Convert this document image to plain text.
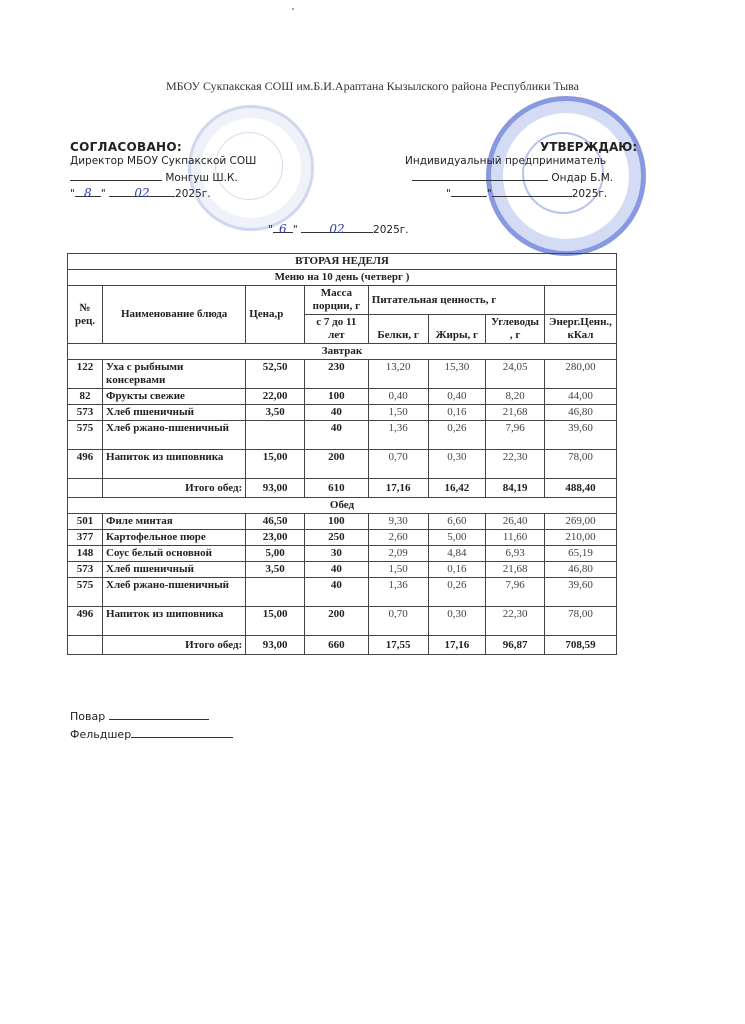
МБОУ Сукпакская СОШ им.Б.И.Араптана Кызылского района Республики Тыва
СОГЛАСОВАНО:
Директор МБОУ Сукпакской СОШ
Монгуш Ш.К.
" 8 " 02 2025г.
УТВЕРЖДАЮ:
Индивидуальный предприниматель
Ондар Б.М.
"	"	2025г.
" 6 "	02	2025г.
ВТОРАЯ НЕДЕЛЯ							
Меню на 10 день (четверг )							
№ рец.	Наименование блюда	Цена,р	Масса порции, г	Питательная ценность, г			
			с 7 до 11 лет	Белки, г	Жиры, г	Углеводы , г	Энерг.Ценн., кКал
Завтрак							
122	Уха с рыбными консервами	52,50	230	13,20	15,30	24,05	280,00
82	Фрукты свежие	22,00	100	0,40	0,40	8,20	44,00
573	Хлеб пшеничный	3,50	40	1,50	0,16	21,68	46,80
575	Хлеб ржано-пшеничный		40	1,36	0,26	7,96	39,60
496	Напиток из шиповника	15,00	200	0,70	0,30	22,30	78,00
	Итого обед:	93,00	610	17,16	16,42	84,19	488,40
Обед							
501	Филе минтая	46,50	100	9,30	6,60	26,40	269,00
377	Картофельное пюре	23,00	250	2,60	5,00	11,60	210,00
148	Соус белый основной	5,00	30	2,09	4,84	6,93	65,19
573	Хлеб пшеничный	3,50	40	1,50	0,16	21,68	46,80
575	Хлеб ржано-пшеничный		40	1,36	0,26	7,96	39,60
496	Напиток из шиповника	15,00	200	0,70	0,30	22,30	78,00
	Итого обед:	93,00	660	17,55	17,16	96,87	708,59
Повар
Фельдшер
